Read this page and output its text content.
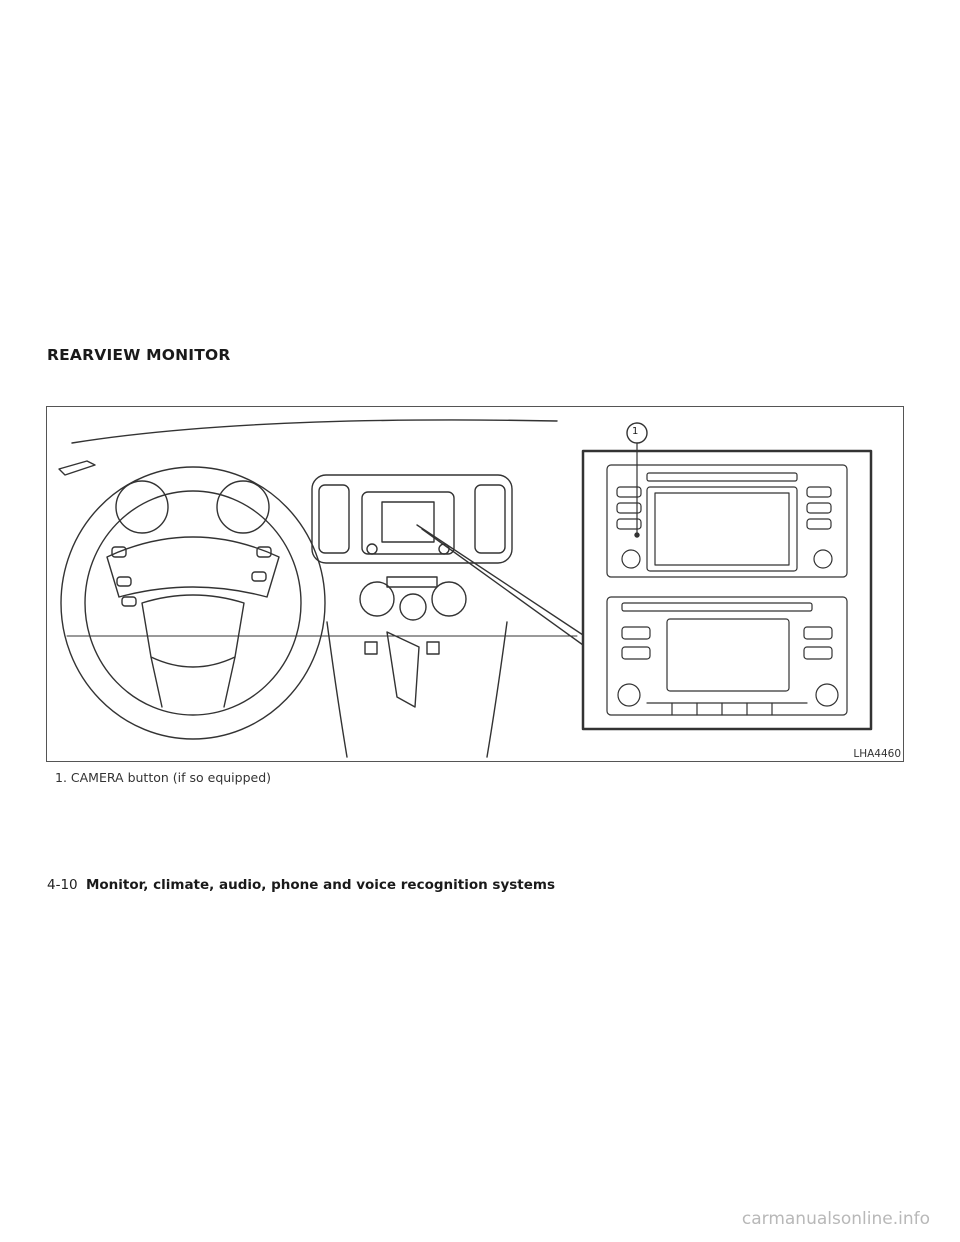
REARVIEW MONITOR
1
LHA4460

1. CAMERA button (if so equipped)

4-10 Monitor, climate, audio, phone and voice recognition systems
carmanualsonline.info
